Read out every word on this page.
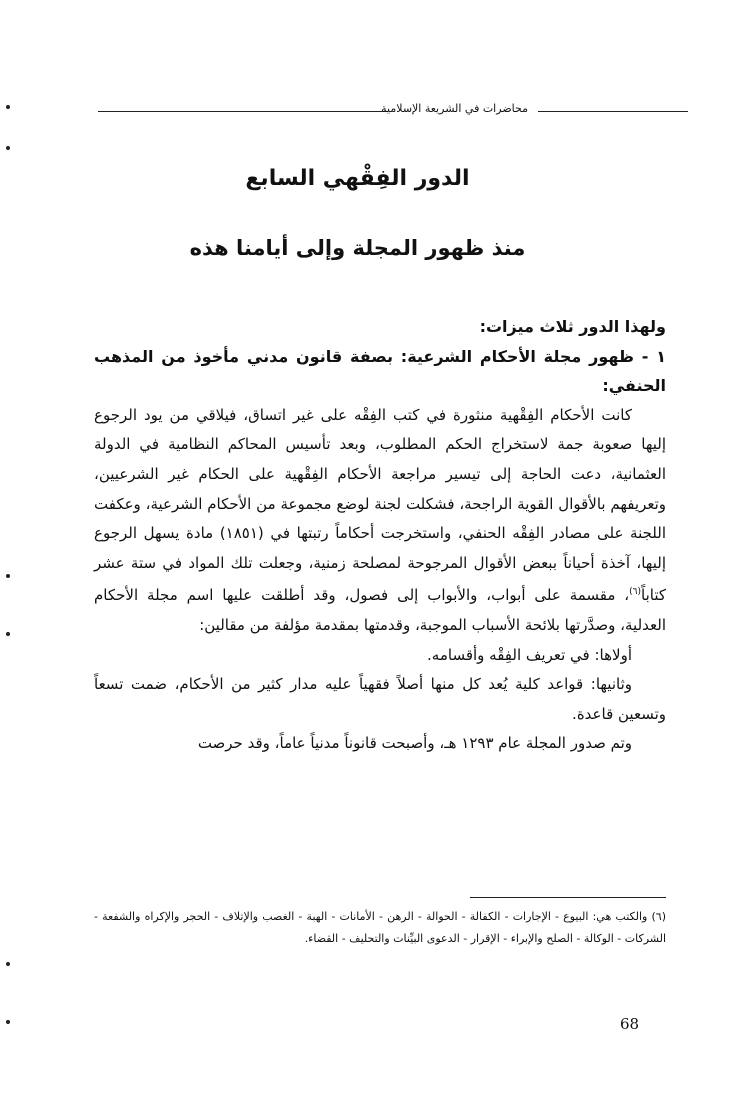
محاضرات في الشريعة الإسلامية
الدور الفِقْهي السابع
منذ ظهور المجلة وإلى أيامنا هذه

ولهذا الدور ثلاث ميزات:

١ - ظهور مجلة الأحكام الشرعية: بصفة قانون مدني مأخوذ من المذهب الحنفي:

كانت الأحكام الفِقْهية منثورة في كتب الفِقْه على غير اتساق، فيلاقي من يود الرجوع إليها صعوبة جمة لاستخراج الحكم المطلوب، وبعد تأسيس المحاكم النظامية في الدولة العثمانية، دعت الحاجة إلى تيسير مراجعة الأحكام الفِقْهية على الحكام غير الشرعيين، وتعريفهم بالأقوال القوية الراجحة، فشكلت لجنة لوضع مجموعة من الأحكام الشرعية، وعكفت اللجنة على مصادر الفِقْه الحنفي، واستخرجت أحكاماً رتبتها في (١٨٥١) مادة يسهل الرجوع إليها، آخذة أحياناً ببعض الأقوال المرجوحة لمصلحة زمنية، وجعلت تلك المواد في ستة عشر كتاباً$^{(٦)}$، مقسمة على أبواب، والأبواب إلى فصول، وقد أطلقت عليها اسم مجلة الأحكام العدلية، وصدَّرتها بلائحة الأسباب الموجبة، وقدمتها بمقدمة مؤلفة من مقالين:

أولاها: في تعريف الفِقْه وأقسامه.

وثانيها: قواعد كلية يُعد كل منها أصلاً فقهياً عليه مدار كثير من الأحكام، ضمت تسعاً وتسعين قاعدة.

وتم صدور المجلة عام ١٢٩٣ هـ، وأصبحت قانوناً مدنياً عاماً، وقد حرصت

(٦) والكتب هي: البيوع - الإجارات - الكفالة - الحوالة - الرهن - الأمانات - الهبة - الغصب والإتلاف - الحجر والإكراه والشفعة - الشركات - الوكالة - الصلح والإبراء - الإقرار - الدعوى البيِّنات والتحليف - القضاء.
68
